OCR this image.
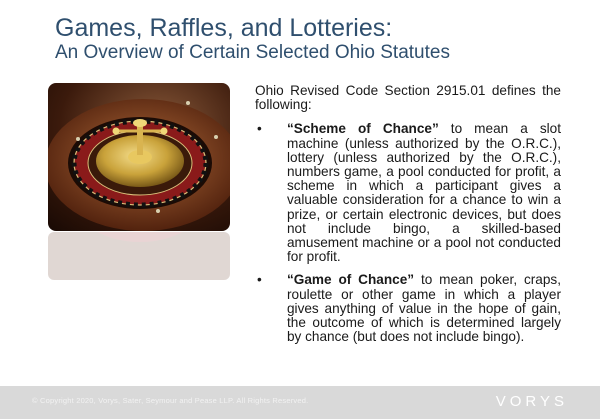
Games, Raffles, and Lotteries:
An Overview of Certain Selected Ohio Statutes
Ohio Revised Code Section 2915.01 defines the following:
• “Scheme of Chance” to mean a slot machine (unless authorized by the O.R.C.), lottery (unless authorized by the O.R.C.), numbers game, a pool conducted for profit, a scheme in which a participant gives a valuable consideration for a chance to win a prize, or certain electronic devices, but does not include bingo, a skilled-based amusement machine or a pool not conducted for profit.
• “Game of Chance” to mean poker, craps, roulette or other game in which a player gives anything of value in the hope of gain, the outcome of which is determined largely by chance (but does not include bingo).
© Copyright 2020, Vorys, Sater, Seymour and Pease LLP. All Rights Reserved.	VORYS
